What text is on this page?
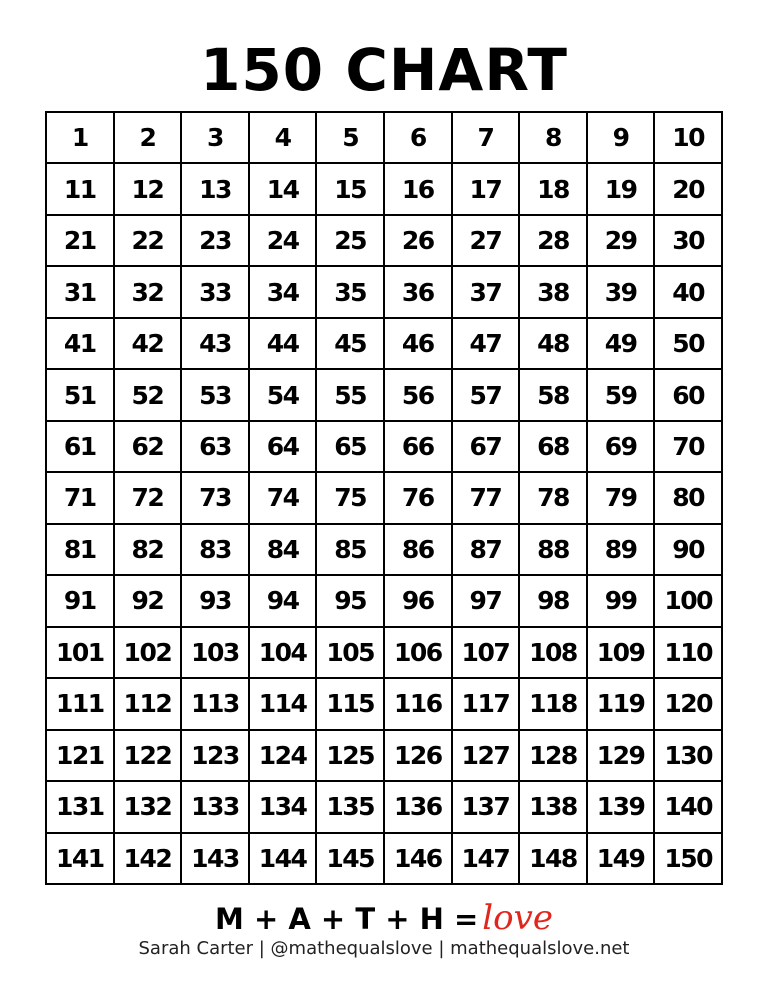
150 CHART
1	2	3	4	5	6	7	8	9	10
11	12	13	14	15	16	17	18	19	20
21	22	23	24	25	26	27	28	29	30
31	32	33	34	35	36	37	38	39	40
41	42	43	44	45	46	47	48	49	50
51	52	53	54	55	56	57	58	59	60
61	62	63	64	65	66	67	68	69	70
71	72	73	74	75	76	77	78	79	80
81	82	83	84	85	86	87	88	89	90
91	92	93	94	95	96	97	98	99	100
101 102 103 104 105 106 107 108 109 110
111 112 113 114 115 116 117 118 119 120
121 122 123 124 125 126 127 128 129 130
131 132 133 134 135 136 137 138 139 140
141 142 143 144 145 146 147 148 149 150
M + A + T + H = love
Sarah Carter | @mathequalslove | mathequalslove.net
